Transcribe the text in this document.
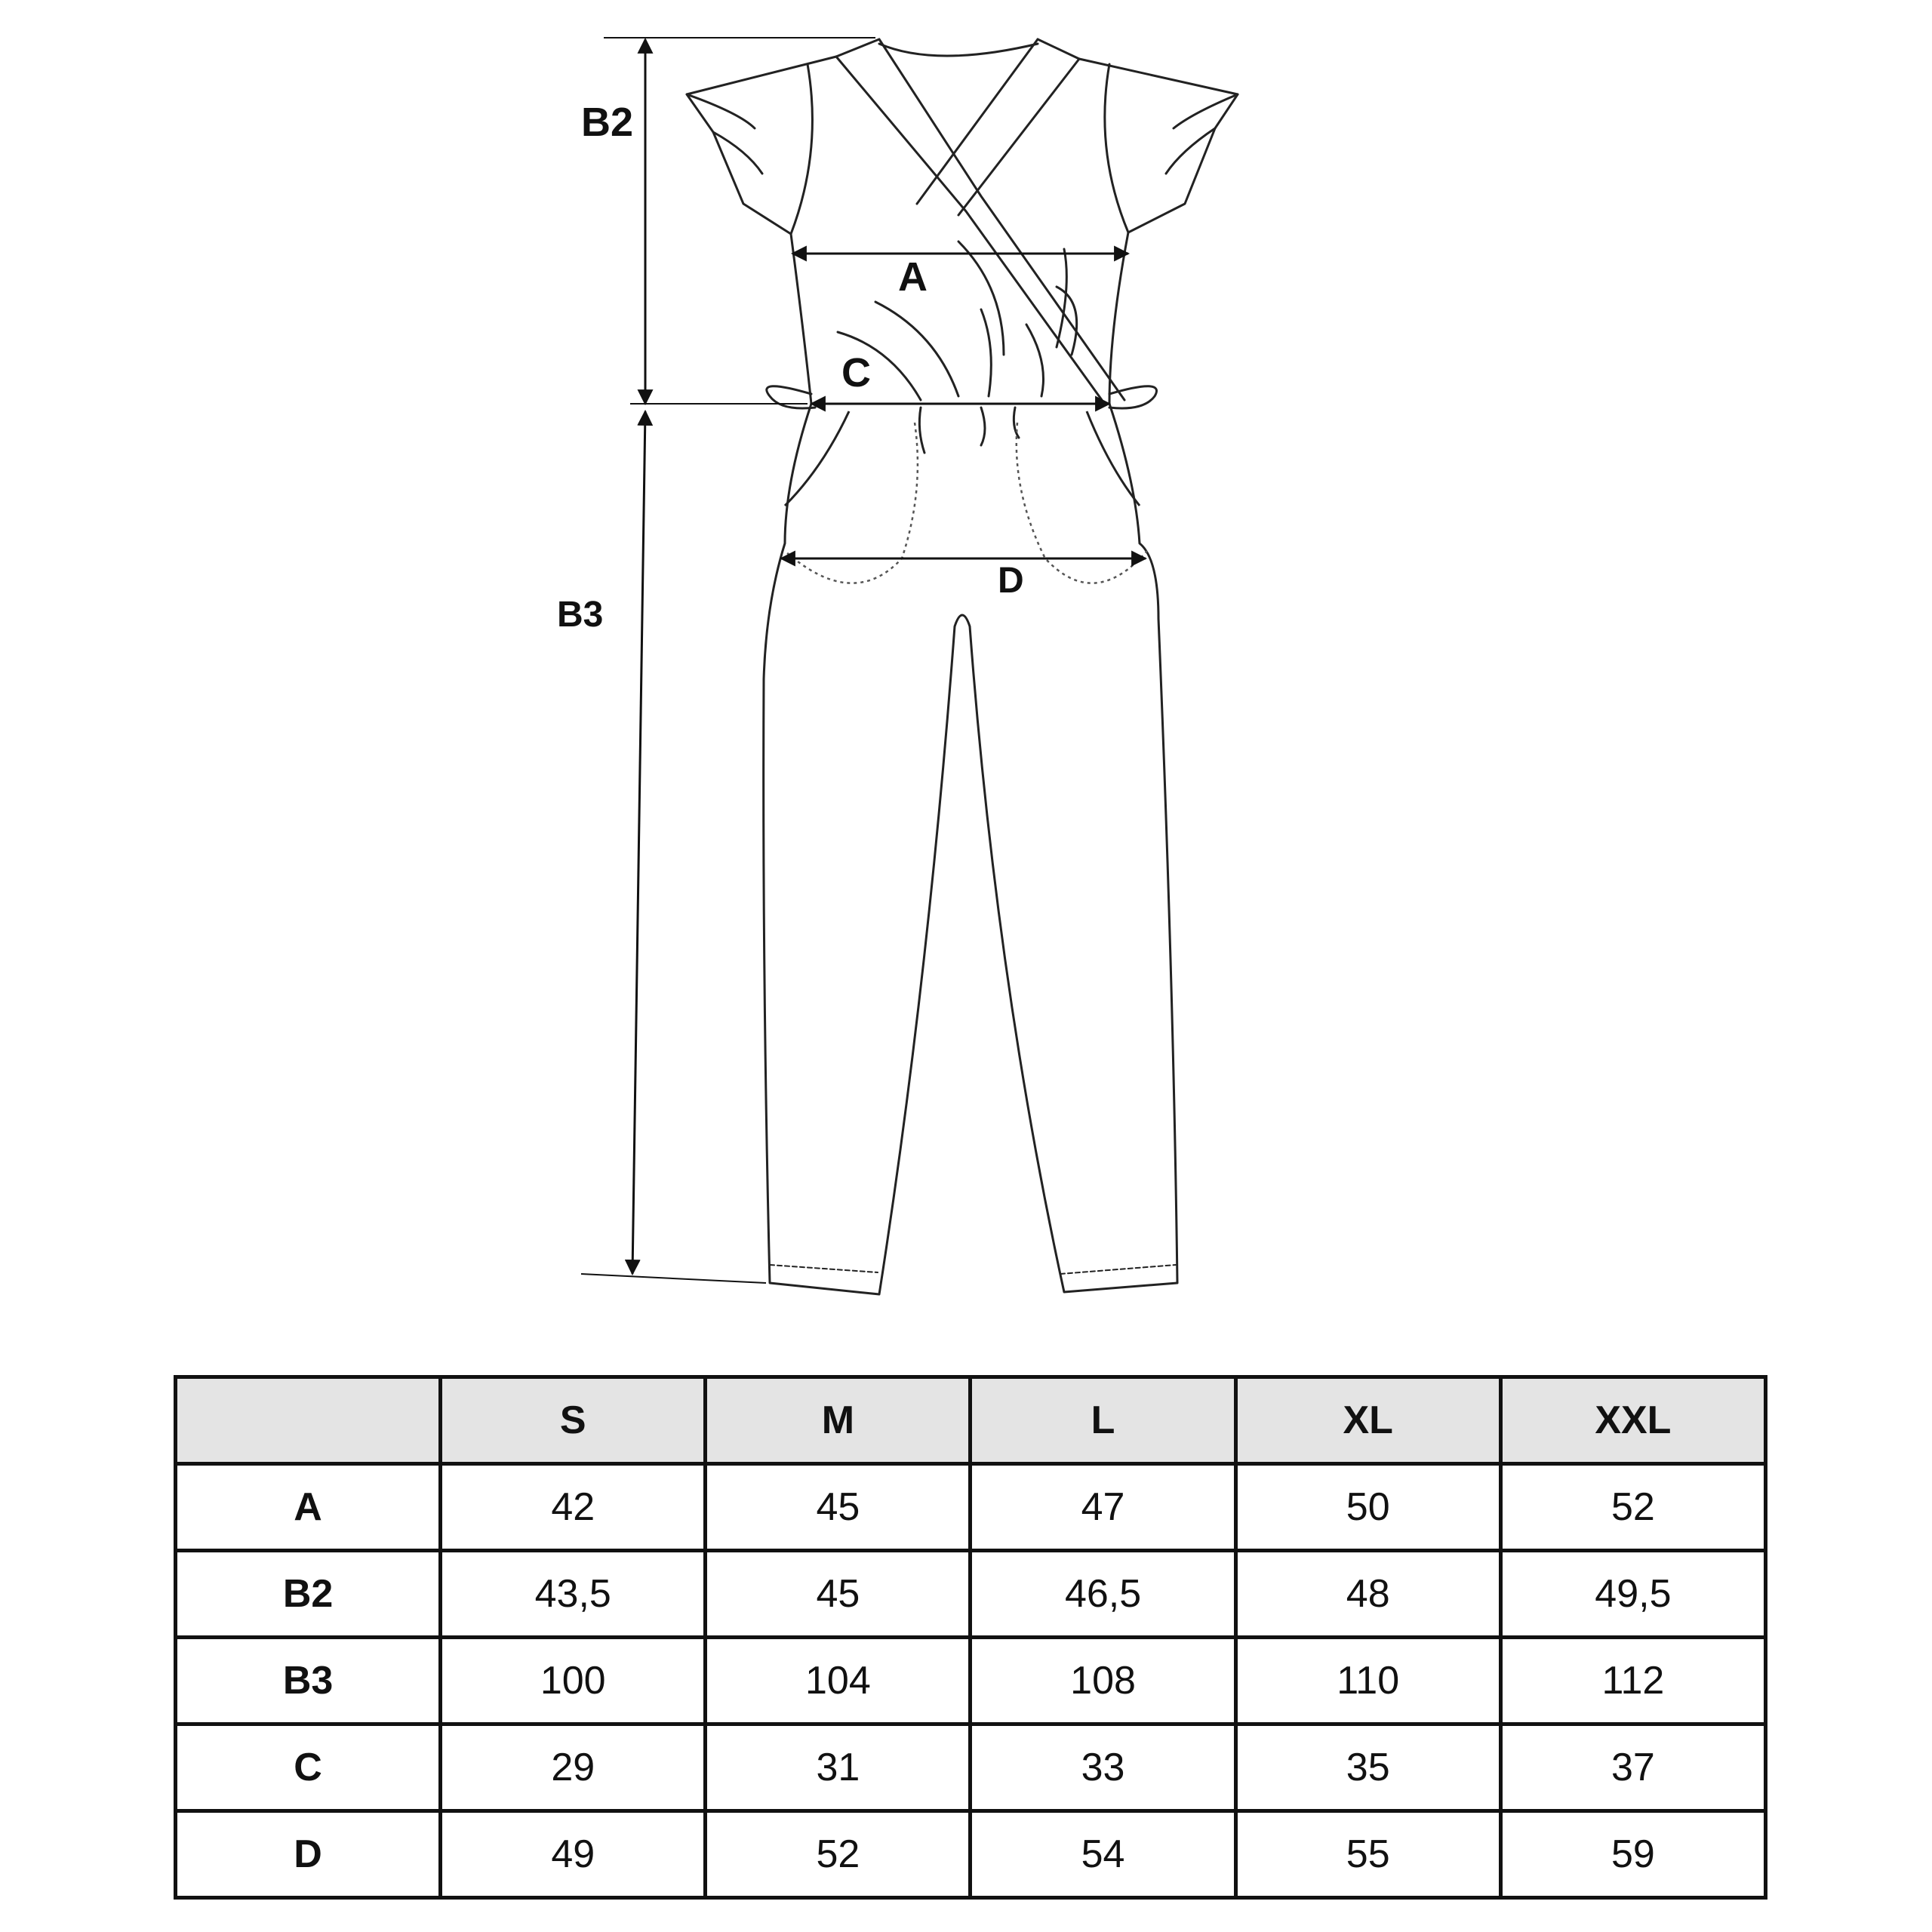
B2
B3
A
C
D
	S	M	L	XL	XXL
A	42	45	47	50	52
B2	43,5	45	46,5	48	49,5
B3	100	104	108	110	112
C	29	31	33	35	37
D	49	52	54	55	59
